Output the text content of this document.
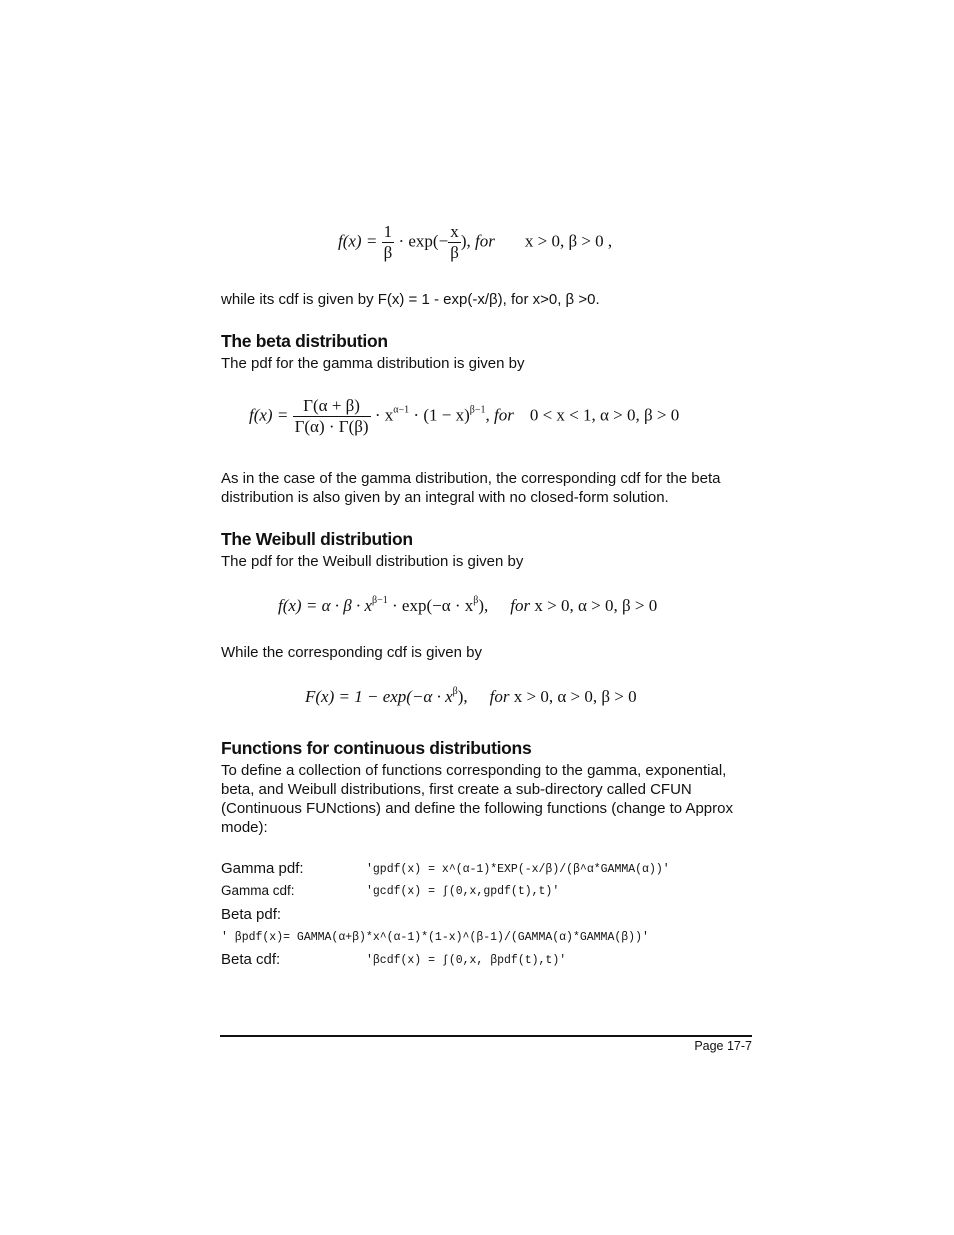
$f(x) = \frac{1}{\beta} \cdot \exp(- \frac{x}{\beta}$ ), for x > 0, β > 0 ,
while its cdf is given by F(x) = 1 - exp(-x/β), for x>0, β >0.
The beta distribution
The pdf for the gamma distribution is given by
$f(x) = \frac{\Gamma(\alpha + \beta)}{\Gamma(\alpha) \cdot \Gamma(\beta)} \cdot x^{\alpha-1} \cdot (1 - x)^{\beta-1}$, for 0 < x < 1, α > 0, β > 0
As in the case of the gamma distribution, the corresponding cdf for the beta distribution is also given by an integral with no closed-form solution.
The Weibull distribution
The pdf for the Weibull distribution is given by
$f(x) = \alpha \cdot \beta \cdot x^{\beta-1} \cdot \exp(-\alpha \cdot x^\beta)$, for x > 0, α > 0, β > 0
While the corresponding cdf is given by
$F(x) = 1 - \exp(-\alpha \cdot x^\beta)$, for x > 0, α > 0, β > 0
Functions for continuous distributions
To define a collection of functions corresponding to the gamma, exponential, beta, and Weibull distributions, first create a sub-directory called CFUN (Continuous FUNctions) and define the following functions (change to Approx mode):
Gamma pdf:	'gpdf(x) = x^(α-1)*EXP(-x/β)/(β^α*GAMMA(α))'
Gamma cdf:	'gcdf(x) = ∫(0,x,gpdf(t),t)'
Beta pdf:
' βpdf(x)= GAMMA(α+β)*x^(α-1)*(1-x)^(β-1)/(GAMMA(α)*GAMMA(β))'
Beta cdf:	'βcdf(x) = ∫(0,x, βpdf(t),t)'
Page 17-7
